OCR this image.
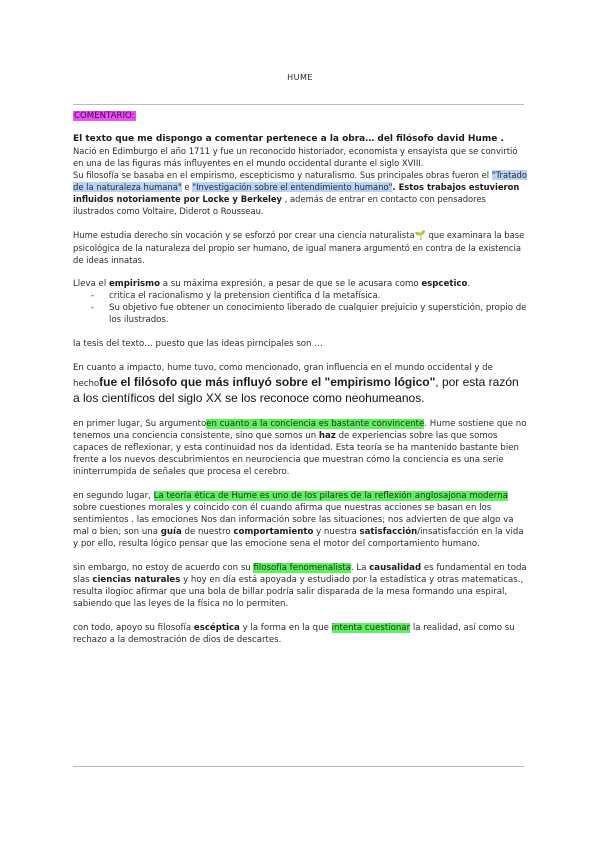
HUME

COMENTARIO:

El texto que me dispongo a comentar pertenece a la obra… del filósofo david Hume .
Nació en Edimburgo el año 1711 y fue un reconocido historiador, economista y ensayista que se convirtió en una de las figuras más influyentes en el mundo occidental durante el siglo XVIII.
Su filosofía se basaba en el empirismo, escepticismo y naturalismo. Sus principales obras fueron el "Tratado de la naturaleza humana" e "Investigación sobre el entendimiento humano". Estos trabajos estuvieron influidos notoriamente por Locke y Berkeley , además de entrar en contacto con pensadores ilustrados como Voltaire, Diderot o Rousseau.

Hume estudia derecho sin vocación y se esforzó por crear una ciencia naturalista🌱 que examinara la base psicológica de la naturaleza del propio ser humano, de igual manera argumentó en contra de la existencia de ideas innatas.

Lleva el empirismo a su máxima expresión, a pesar de que se le acusara como espcetico.

- critica el racionalismo y la pretension cientifica d la metafísica.
- Su objetivo fue obtener un conocimiento liberado de cualquier prejuicio y superstición, propio de los ilustrados.

la tesis del texto… puesto que las ideas pirncipales son …

En cuanto a impacto, hume tuvo, como mencionado, gran influencia en el mundo occidental y de
hechofue el filósofo que más influyó sobre el "empirismo lógico", por esta razón a los científicos del siglo XX se los reconoce como neohumeanos.

en primer lugar, Su argumentoen cuanto a la conciencia es bastante convincente. Hume sostiene que no tenemos una conciencia consistente, sino que somos un haz de experiencias sobre las que somos capaces de reflexionar, y esta continuidad nos da identidad. Esta teoría se ha mantenido bastante bien frente a los nuevos descubrimientos en neurociencia que muestran cómo la conciencia es una serie ininterrumpida de señales que procesa el cerebro.

en segundo lugar, La teoría ética de Hume es uno de los pilares de la reflexión anglosajona moderna sobre cuestiones morales y coincido con él cuando afirma que nuestras acciones se basan en los sentimientos . las emociones Nos dan información sobre las situaciones; nos advierten de que algo va mal o bien; son una guía de nuestro comportamiento y nuestra satisfacción/insatisfacción en la vida y por ello, resulta lógico pensar que las emocione sena el motor del comportamiento humano.

sin embargo, no estoy de acuerdo con su filosofía fenomenalista. La causalidad es fundamental en toda slas ciencias naturales y hoy en día está apoyada y estudiado por la estadística y otras matematicas., resulta ilogioc afirmar que una bola de billar podría salir disparada de la mesa formando una espiral, sabiendo que las leyes de la física no lo permiten.

con todo, apoyo su filosofía escéptica y la forma en la que intenta cuestionar la realidad, así como su rechazo a la demostración de dios de descartes.
